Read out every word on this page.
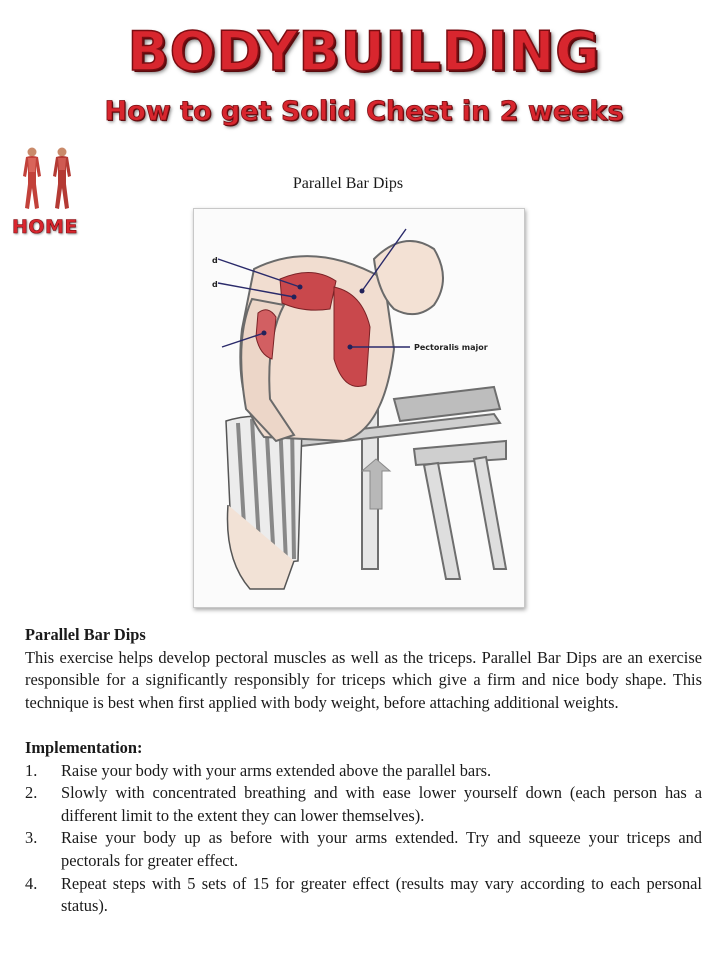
BODYBUILDING
How to get Solid Chest in 2 weeks
HOME
Parallel Bar Dips
d
d
Pectoralis major

Parallel Bar Dips

This exercise helps develop pectoral muscles as well as the triceps. Parallel Bar Dips are an exercise responsible for a significantly responsibly for triceps which give a firm and nice body shape. This technique is best when first applied with body weight, before attaching additional weights.

Implementation:

1. Raise your body with your arms extended above the parallel bars.
2. Slowly with concentrated breathing and with ease lower yourself down (each person has a different limit to the extent they can lower themselves).
3. Raise your body up as before with your arms extended. Try and squeeze your triceps and pectorals for greater effect.
4. Repeat steps with 5 sets of 15 for greater effect (results may vary according to each personal status).
